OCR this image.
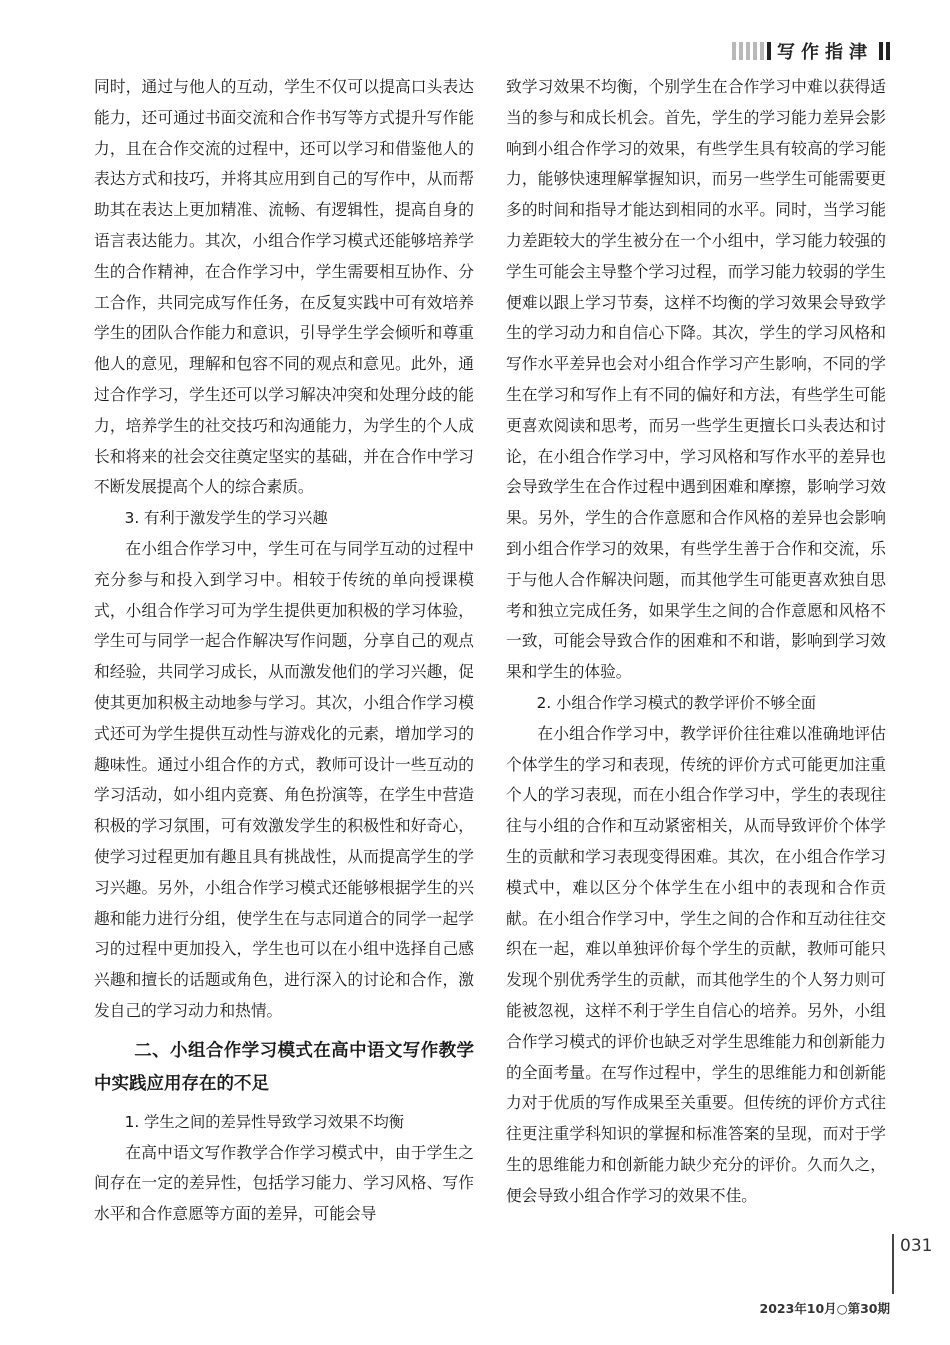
写作指津

同时，通过与他人的互动，学生不仅可以提高口头表达能力，还可通过书面交流和合作书写等方式提升写作能力，且在合作交流的过程中，还可以学习和借鉴他人的表达方式和技巧，并将其应用到自己的写作中，从而帮助其在表达上更加精准、流畅、有逻辑性，提高自身的语言表达能力。其次，小组合作学习模式还能够培养学生的合作精神，在合作学习中，学生需要相互协作、分工合作，共同完成写作任务，在反复实践中可有效培养学生的团队合作能力和意识，引导学生学会倾听和尊重他人的意见，理解和包容不同的观点和意见。此外，通过合作学习，学生还可以学习解决冲突和处理分歧的能力，培养学生的社交技巧和沟通能力，为学生的个人成长和将来的社会交往奠定坚实的基础，并在合作中学习不断发展提高个人的综合素质。

3. 有利于激发学生的学习兴趣

在小组合作学习中，学生可在与同学互动的过程中充分参与和投入到学习中。相较于传统的单向授课模式，小组合作学习可为学生提供更加积极的学习体验，学生可与同学一起合作解决写作问题，分享自己的观点和经验，共同学习成长，从而激发他们的学习兴趣，促使其更加积极主动地参与学习。其次，小组合作学习模式还可为学生提供互动性与游戏化的元素，增加学习的趣味性。通过小组合作的方式，教师可设计一些互动的学习活动，如小组内竞赛、角色扮演等，在学生中营造积极的学习氛围，可有效激发学生的积极性和好奇心，使学习过程更加有趣且具有挑战性，从而提高学生的学习兴趣。另外，小组合作学习模式还能够根据学生的兴趣和能力进行分组，使学生在与志同道合的同学一起学习的过程中更加投入，学生也可以在小组中选择自己感兴趣和擅长的话题或角色，进行深入的讨论和合作，激发自己的学习动力和热情。

二、小组合作学习模式在高中语文写作教学中实践应用存在的不足

1. 学生之间的差异性导致学习效果不均衡

在高中语文写作教学合作学习模式中，由于学生之间存在一定的差异性，包括学习能力、学习风格、写作水平和合作意愿等方面的差异，可能会导

致学习效果不均衡，个别学生在合作学习中难以获得适当的参与和成长机会。首先，学生的学习能力差异会影响到小组合作学习的效果，有些学生具有较高的学习能力，能够快速理解掌握知识，而另一些学生可能需要更多的时间和指导才能达到相同的水平。同时，当学习能力差距较大的学生被分在一个小组中，学习能力较强的学生可能会主导整个学习过程，而学习能力较弱的学生便难以跟上学习节奏，这样不均衡的学习效果会导致学生的学习动力和自信心下降。其次，学生的学习风格和写作水平差异也会对小组合作学习产生影响，不同的学生在学习和写作上有不同的偏好和方法，有些学生可能更喜欢阅读和思考，而另一些学生更擅长口头表达和讨论，在小组合作学习中，学习风格和写作水平的差异也会导致学生在合作过程中遇到困难和摩擦，影响学习效果。另外，学生的合作意愿和合作风格的差异也会影响到小组合作学习的效果，有些学生善于合作和交流，乐于与他人合作解决问题，而其他学生可能更喜欢独自思考和独立完成任务，如果学生之间的合作意愿和风格不一致，可能会导致合作的困难和不和谐，影响到学习效果和学生的体验。

2. 小组合作学习模式的教学评价不够全面

在小组合作学习中，教学评价往往难以准确地评估个体学生的学习和表现，传统的评价方式可能更加注重个人的学习表现，而在小组合作学习中，学生的表现往往与小组的合作和互动紧密相关，从而导致评价个体学生的贡献和学习表现变得困难。其次，在小组合作学习模式中，难以区分个体学生在小组中的表现和合作贡献。在小组合作学习中，学生之间的合作和互动往往交织在一起，难以单独评价每个学生的贡献，教师可能只发现个别优秀学生的贡献，而其他学生的个人努力则可能被忽视，这样不利于学生自信心的培养。另外，小组合作学习模式的评价也缺乏对学生思维能力和创新能力的全面考量。在写作过程中，学生的思维能力和创新能力对于优质的写作成果至关重要。但传统的评价方式往往更注重学科知识的掌握和标准答案的呈现，而对于学生的思维能力和创新能力缺少充分的评价。久而久之，便会导致小组合作学习的效果不佳。

031
2023年10月○第30期
